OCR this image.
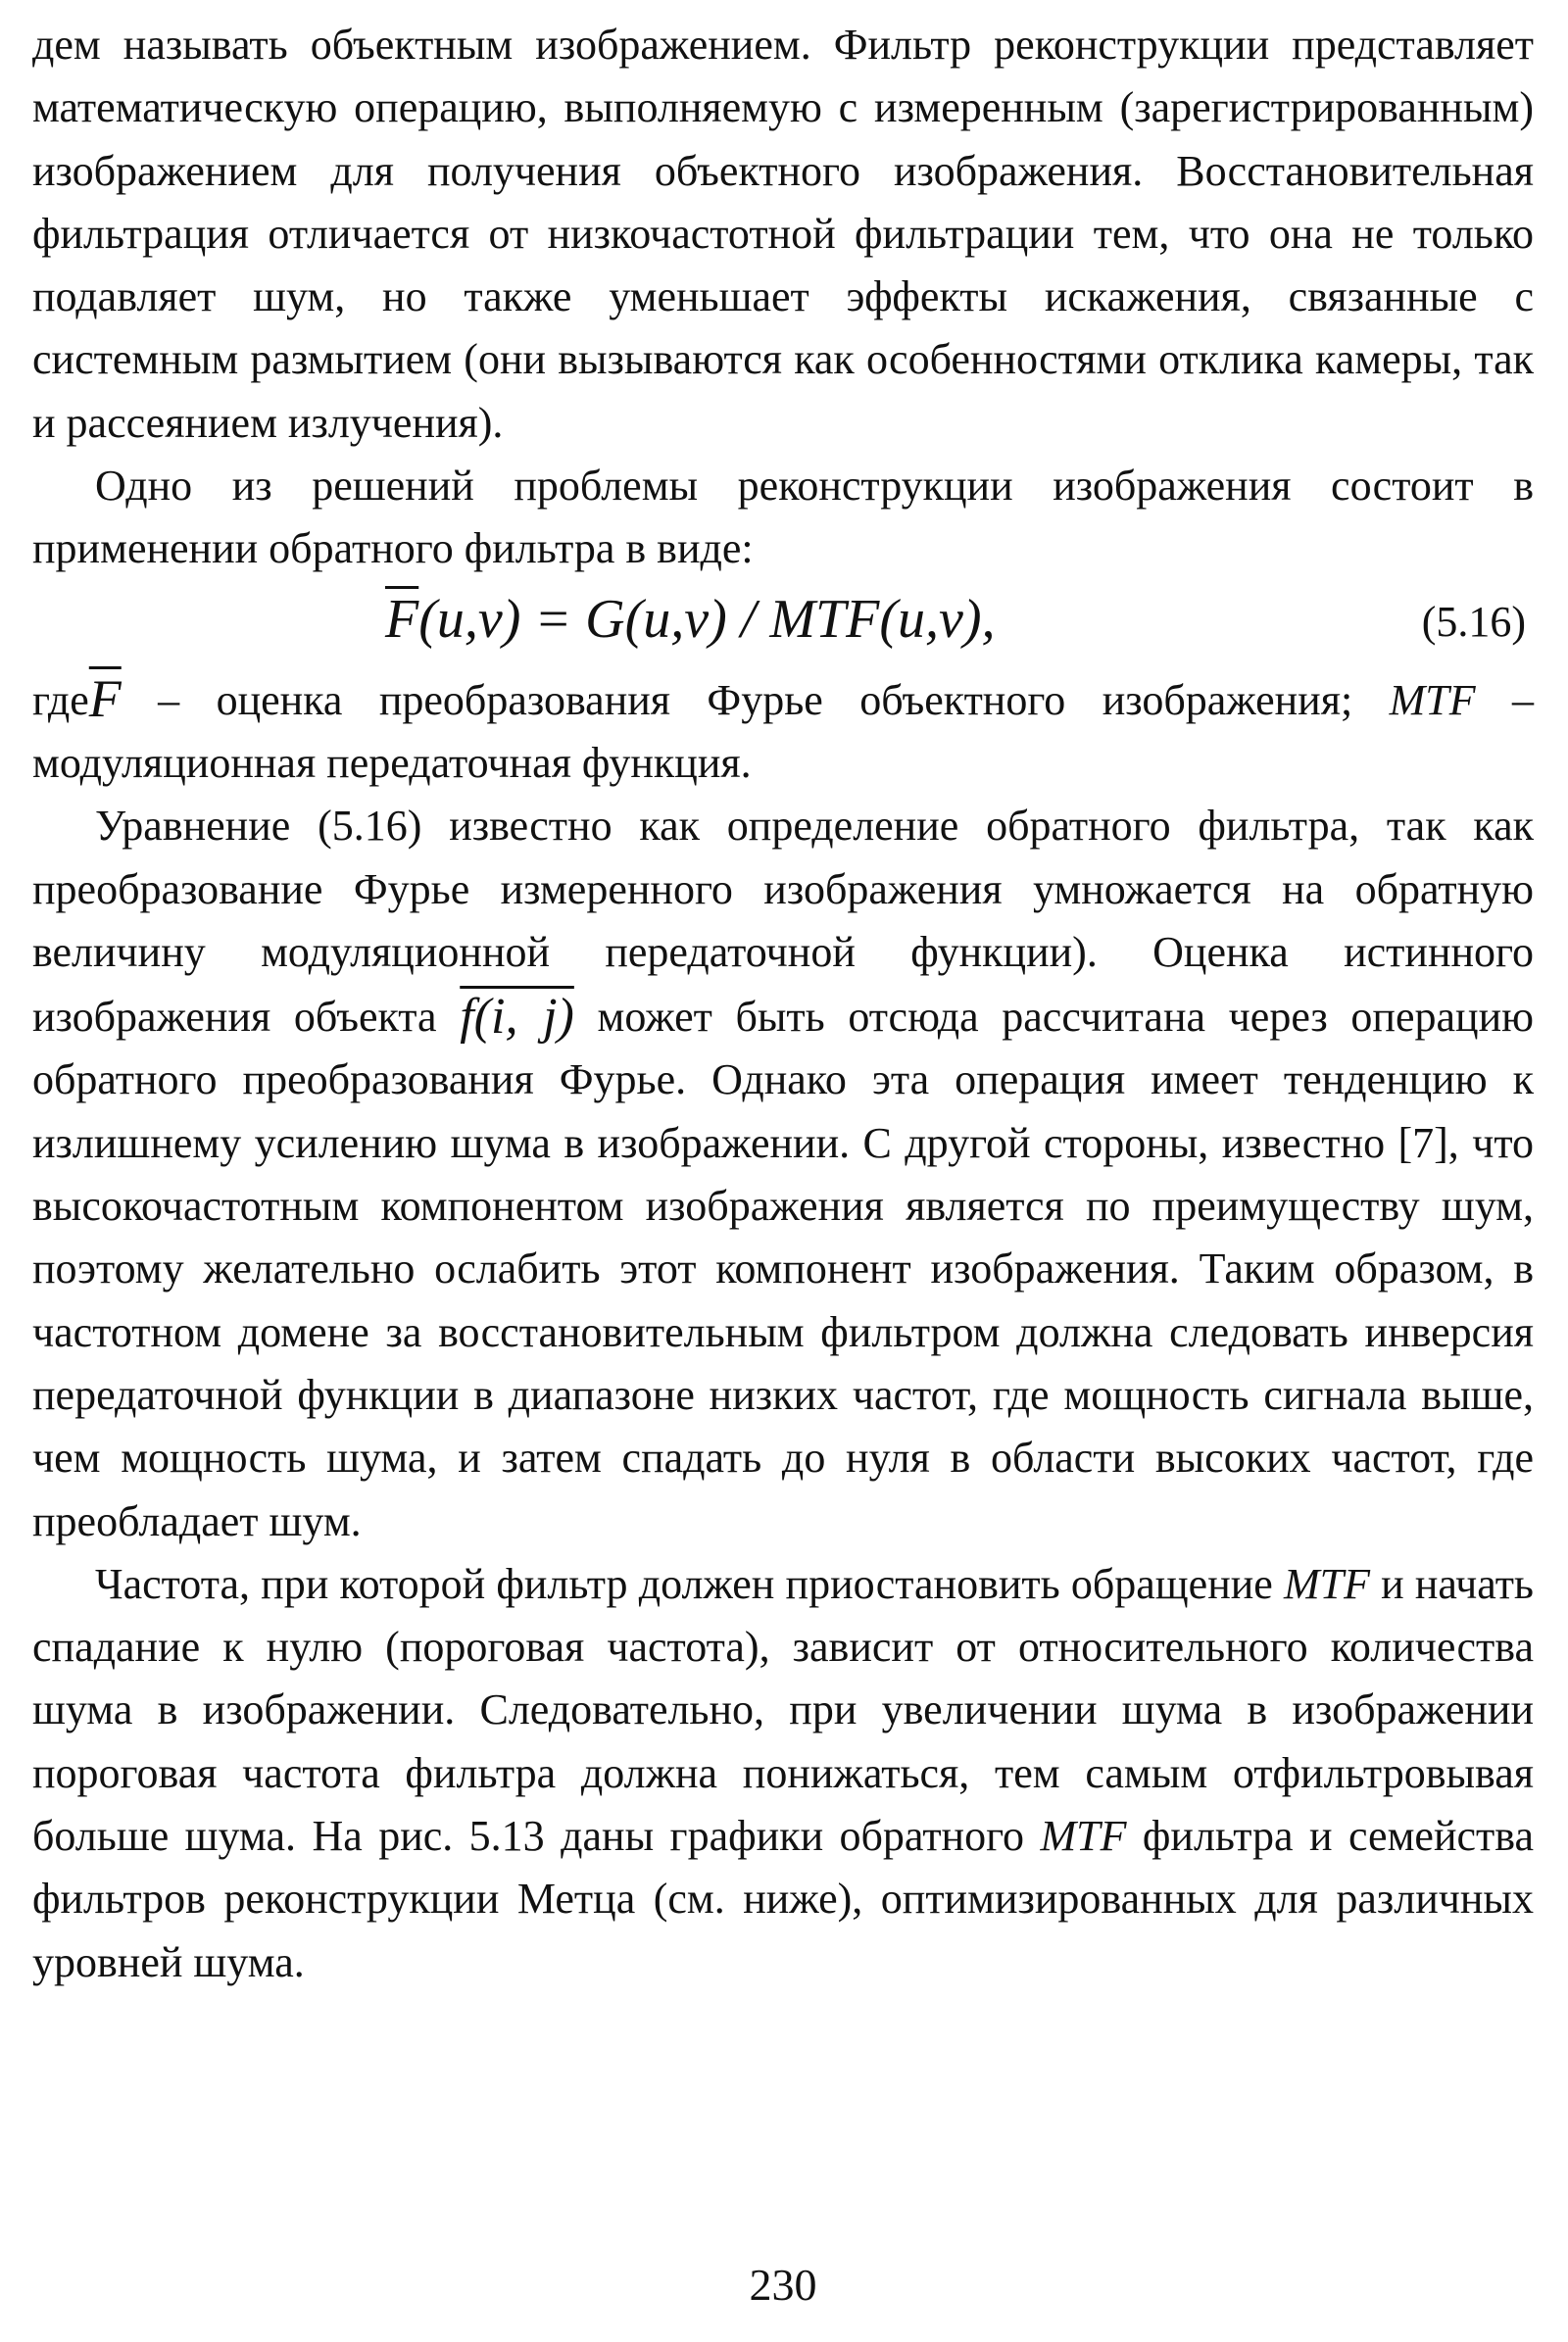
дем называть объектным изображением. Фильтр реконструкции представляет математическую операцию, выполняемую с измеренным (зарегистрированным) изображением для получения объектного изображения. Восстановительная фильтрация отличается от низкочастотной фильтрации тем, что она не только подавляет шум, но также уменьшает эффекты искажения, связанные с системным размытием (они вызываются как особенностями отклика камеры, так и рассеянием излучения).

Одно из решений проблемы реконструкции изображения состоит в применении обратного фильтра в виде:

$\overline{F}(u,v) = G(u,v) / MTF(u,v)$,	(5.16)

$где\overline{F}$ – оценка преобразования Фурье объектного изображения; MTF – модуляционная передаточная функция.

Уравнение (5.16) известно как определение обратного фильтра, так как преобразование Фурье измеренного изображения умножается на обратную величину модуляционной передаточной функции). Оценка истинного изображения объекта f(i, j) может быть отсюда рассчитана через операцию обратного преобразования Фурье. Однако эта операция имеет тенденцию к излишнему усилению шума в изображении. С другой стороны, известно [7], что высокочастотным компонентом изображения является по преимуществу шум, поэтому желательно ослабить этот компонент изображения. Таким образом, в частотном домене за восстановительным фильтром должна следовать инверсия передаточной функции в диапазоне низких частот, где мощность сигнала выше, чем мощность шума, и затем спадать до нуля в области высоких частот, где преобладает шум.

Частота, при которой фильтр должен приостановить обращение MTF и начать спадание к нулю (пороговая частота), зависит от относительного количества шума в изображении. Следовательно, при увеличении шума в изображении пороговая частота фильтра должна понижаться, тем самым отфильтровывая больше шума. На рис. 5.13 даны графики обратного MTF фильтра и семейства фильтров реконструкции Метца (см. ниже), оптимизированных для различных уровней шума.

230
